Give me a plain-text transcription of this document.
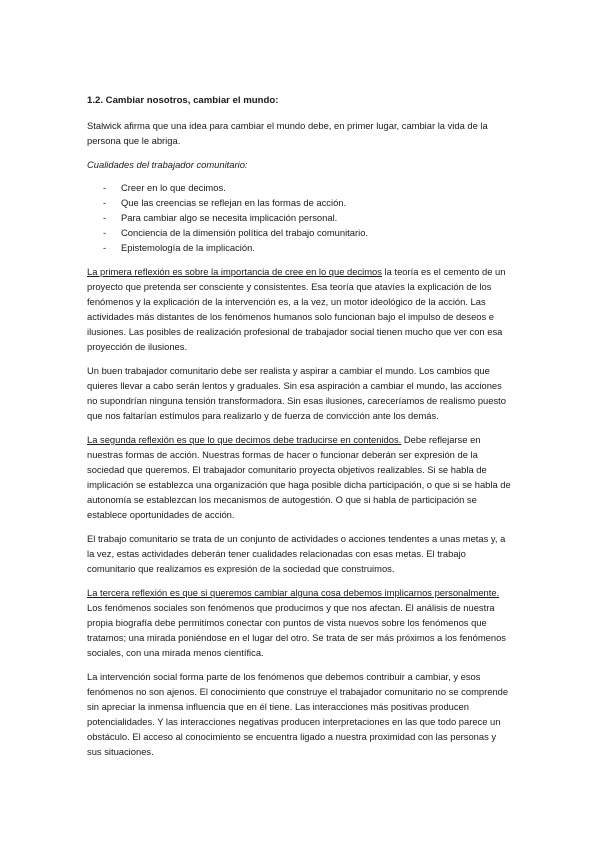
1.2. Cambiar nosotros, cambiar el mundo:

Stalwick afirma que una idea para cambiar el mundo debe, en primer lugar, cambiar la vida de la persona que le abriga.

Cualidades del trabajador comunitario:

- Creer en lo que decimos.
- Que las creencias se reflejan en las formas de acción.
- Para cambiar algo se necesita implicación personal.
- Conciencia de la dimensión política del trabajo comunitario.
- Epistemología de la implicación.

La primera reflexión es sobre la importancia de cree en lo que decimos la teoría es el cemento de un proyecto que pretenda ser consciente y consistentes. Esa teoría que atavíes la explicación de los fenómenos y la explicación de la intervención es, a la vez, un motor ideológico de la acción. Las actividades más distantes de los fenómenos humanos solo funcionan bajo el impulso de deseos e ilusiones. Las posibles de realización profesional de trabajador social tienen mucho que ver con esa proyección de ilusiones.

Un buen trabajador comunitario debe ser realista y aspirar a cambiar el mundo. Los cambios que quieres llevar a cabo serán lentos y graduales. Sin esa aspiración a cambiar el mundo, las acciones no supondrían ninguna tensión transformadora. Sin esas ilusiones, careceríamos de realismo puesto que nos faltarían estímulos para realizarlo y de fuerza de convicción ante los demás.

La segunda reflexión es que lo que decimos debe traducirse en contenidos. Debe reflejarse en nuestras formas de acción. Nuestras formas de hacer o funcionar deberán ser expresión de la sociedad que queremos. El trabajador comunitario proyecta objetivos realizables. Si se habla de implicación se establezca una organización que haga posible dicha participación, o que si se habla de autonomía se establezcan los mecanismos de autogestión. O que si habla de participación se establece oportunidades de acción.

El trabajo comunitario se trata de un conjunto de actividades o acciones tendentes a unas metas y, a la vez, estas actividades deberán tener cualidades relacionadas con esas metas. El trabajo comunitario que realizamos es expresión de la sociedad que construimos.

La tercera reflexión es que si queremos cambiar alguna cosa debemos implicarnos personalmente. Los fenómenos sociales son fenómenos que producimos y que nos afectan. El análisis de nuestra propia biografía debe permitimos conectar con puntos de vista nuevos sobre los fenómenos que tratamos; una mirada poniéndose en el lugar del otro. Se trata de ser más próximos a los fenómenos sociales, con una mirada menos científica.

La intervención social forma parte de los fenómenos que debemos contribuir a cambiar, y esos fenómenos no son ajenos. El conocimiento que construye el trabajador comunitario no se comprende sin apreciar la inmensa influencia que en él tiene. Las interacciones más positivas producen potencialidades. Y las interacciones negativas producen interpretaciones en las que todo parece un obstáculo. El acceso al conocimiento se encuentra ligado a nuestra proximidad con las personas y sus situaciones.
